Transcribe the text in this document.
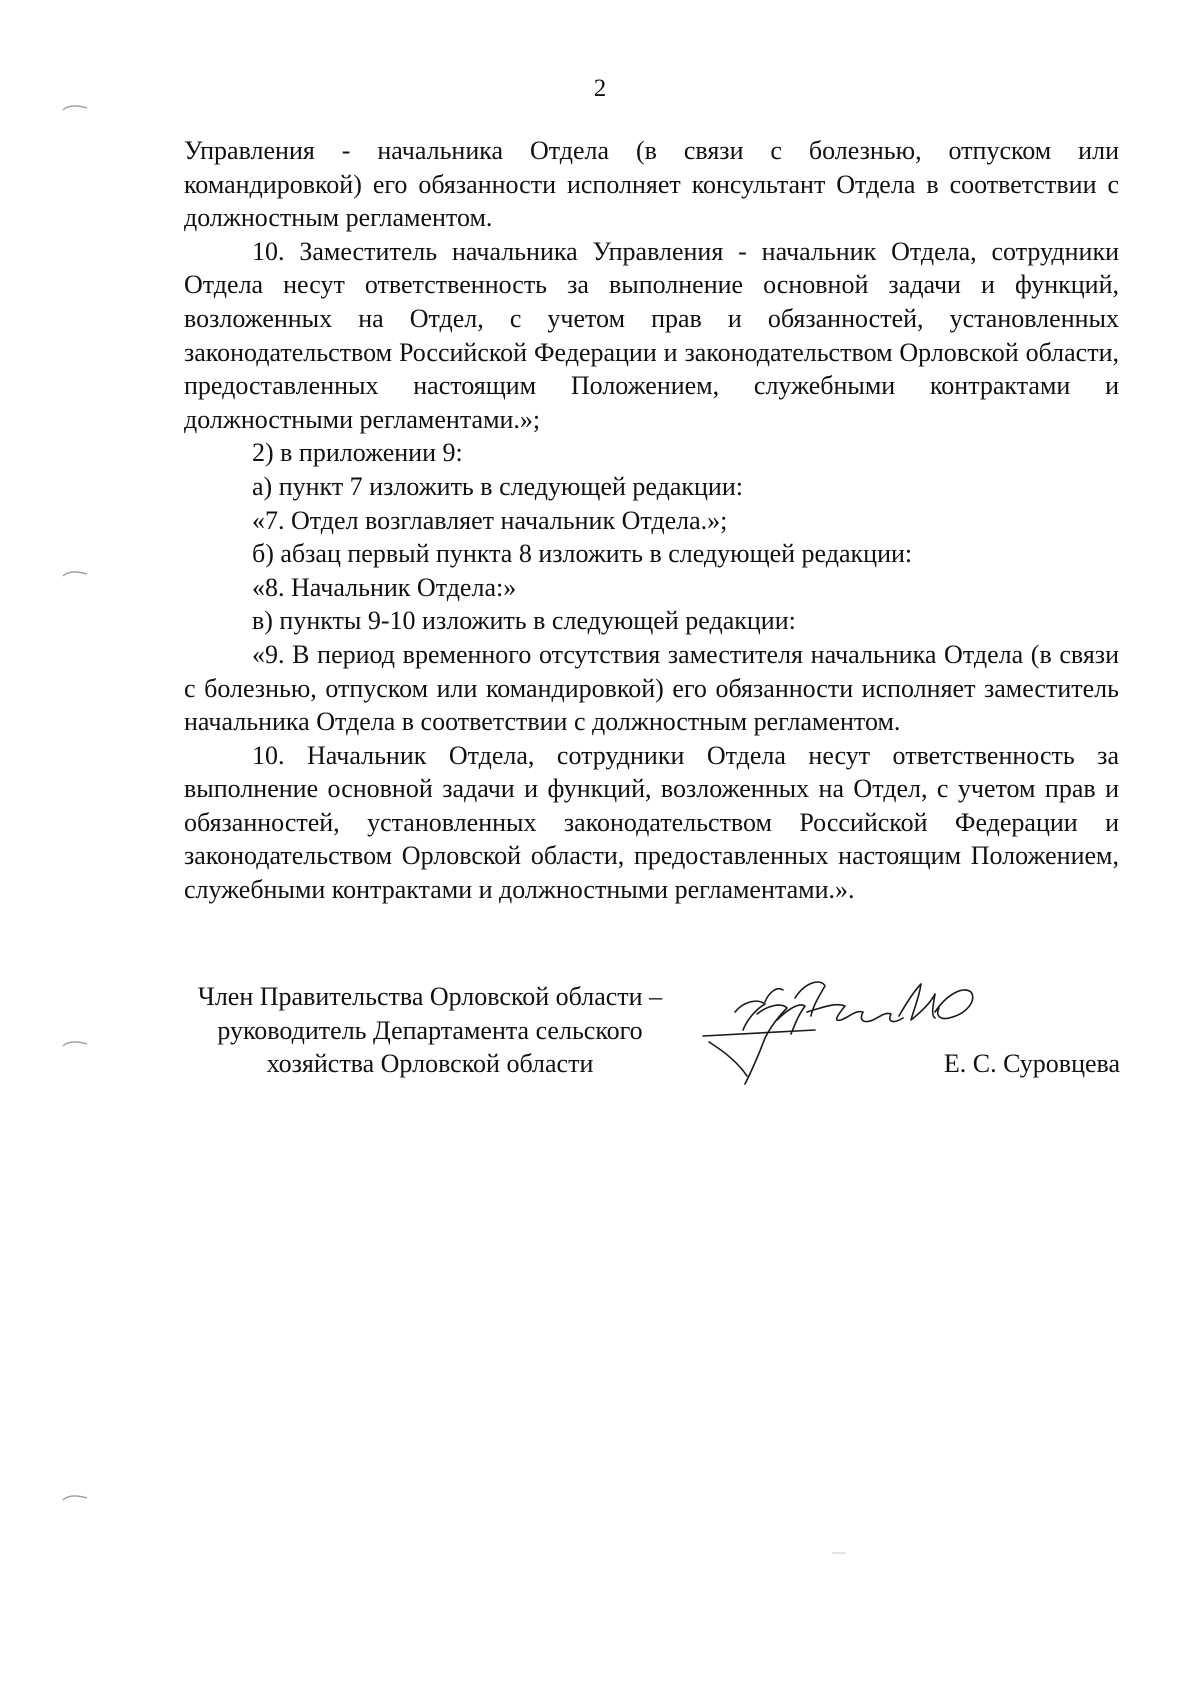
2

Управления - начальника Отдела (в связи с болезнью, отпуском или командировкой) его обязанности исполняет консультант Отдела в соответствии с должностным регламентом.

10. Заместитель начальника Управления - начальник Отдела, сотрудники Отдела несут ответственность за выполнение основной задачи и функций, возложенных на Отдел, с учетом прав и обязанностей, установленных законодательством Российской Федерации и законодательством Орловской области, предоставленных настоящим Положением, служебными контрактами и должностными регламентами.»;

2) в приложении 9:

а) пункт 7 изложить в следующей редакции:

«7. Отдел возглавляет начальник Отдела.»;

б) абзац первый пункта 8 изложить в следующей редакции:

«8. Начальник Отдела:»

в) пункты 9-10 изложить в следующей редакции:

«9. В период временного отсутствия заместителя начальника Отдела (в связи с болезнью, отпуском или командировкой) его обязанности исполняет заместитель начальника Отдела в соответствии с должностным регламентом.

10. Начальник Отдела, сотрудники Отдела несут ответственность за выполнение основной задачи и функций, возложенных на Отдел, с учетом прав и обязанностей, установленных законодательством Российской Федерации и законодательством Орловской области, предоставленных настоящим Положением, служебными контрактами и должностными регламентами.».

Член Правительства Орловской области –
руководитель Департамента сельского
хозяйства Орловской области	Е. С. Суровцева
